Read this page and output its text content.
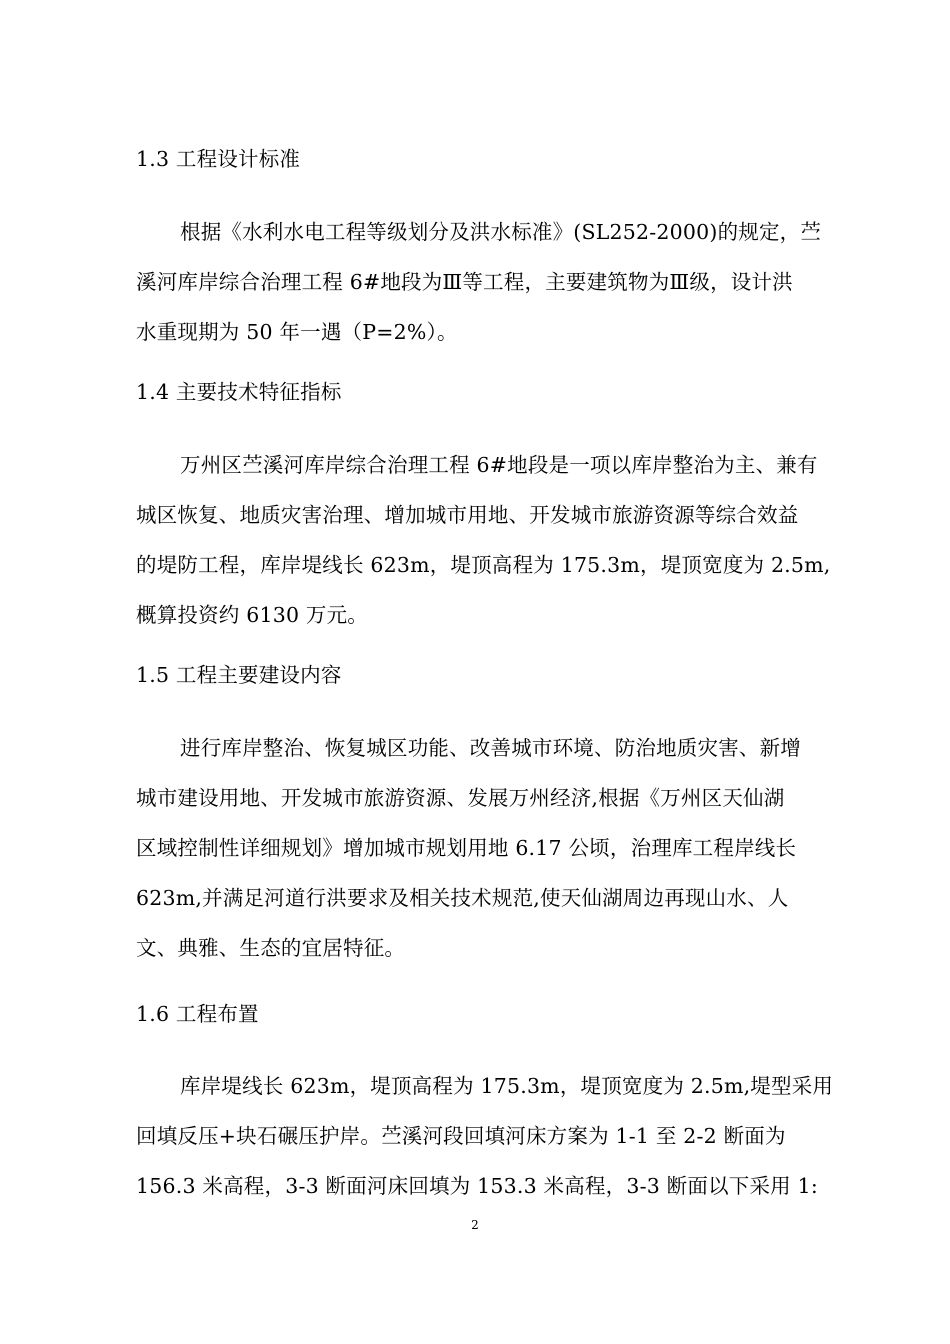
1.3 工程设计标准
根据《水利水电工程等级划分及洪水标准》(SL252-2000)的规定，苎
溪河库岸综合治理工程 6#地段为Ⅲ等工程，主要建筑物为Ⅲ级，设计洪
水重现期为 50 年一遇（P=2%）。
1.4 主要技术特征指标
万州区苎溪河库岸综合治理工程 6#地段是一项以库岸整治为主、兼有
城区恢复、地质灾害治理、增加城市用地、开发城市旅游资源等综合效益
的堤防工程，库岸堤线长 623m，堤顶高程为 175.3m，堤顶宽度为 2.5m,
概算投资约 6130 万元。
1.5 工程主要建设内容
进行库岸整治、恢复城区功能、改善城市环境、防治地质灾害、新增
城市建设用地、开发城市旅游资源、发展万州经济,根据《万州区天仙湖
区域控制性详细规划》增加城市规划用地 6.17 公顷，治理库工程岸线长
623m,并满足河道行洪要求及相关技术规范,使天仙湖周边再现山水、人
文、典雅、生态的宜居特征。
1.6 工程布置
库岸堤线长 623m，堤顶高程为 175.3m，堤顶宽度为 2.5m,堤型采用
回填反压+块石碾压护岸。苎溪河段回填河床方案为 1-1 至 2-2 断面为
156.3 米高程，3-3 断面河床回填为 153.3 米高程，3-3 断面以下采用 1:
2
